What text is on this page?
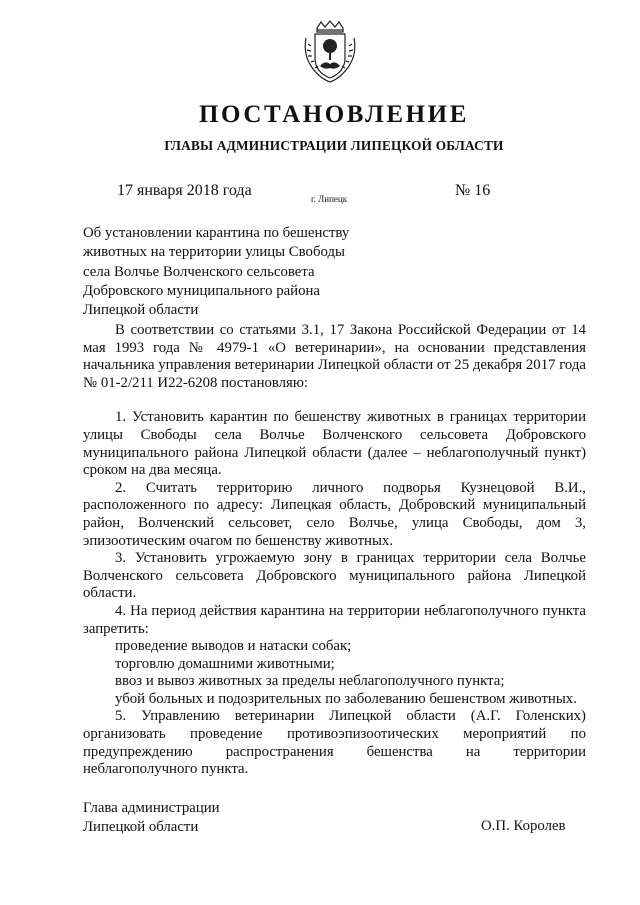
ПОСТАНОВЛЕНИЕ
ГЛАВЫ АДМИНИСТРАЦИИ ЛИПЕЦКОЙ ОБЛАСТИ
17 января 2018 года	г. Липецк	№ 16
Об установлении карантина по бешенству
животных на территории улицы Свободы
села Волчье Волченского сельсовета
Добровского муниципального района
Липецкой области

В соответствии со статьями 3.1, 17 Закона Российской Федерации от 14 мая 1993 года № 4979-1 «О ветеринарии», на основании представления начальника управления ветеринарии Липецкой области от 25 декабря 2017 года № 01-2/211 И22-6208 постановляю:

1. Установить карантин по бешенству животных в границах территории улицы Свободы села Волчье Волченского сельсовета Добровского муниципального района Липецкой области (далее – неблагополучный пункт) сроком на два месяца.

2. Считать территорию личного подворья Кузнецовой В.И., расположенного по адресу: Липецкая область, Добровский муниципальный район, Волченский сельсовет, село Волчье, улица Свободы, дом 3, эпизоотическим очагом по бешенству животных.

3. Установить угрожаемую зону в границах территории села Волчье Волченского сельсовета Добровского муниципального района Липецкой области.

4. На период действия карантина на территории неблагополучного пункта запретить:

проведение выводов и натаски собак;

торговлю домашними животными;

ввоз и вывоз животных за пределы неблагополучного пункта;

убой больных и подозрительных по заболеванию бешенством животных.

5. Управлению ветеринарии Липецкой области (А.Г. Голенских) организовать проведение противоэпизоотических мероприятий по предупреждению распространения бешенства на территории неблагополучного пункта.

Глава администрации
Липецкой области	О.П. Королев
